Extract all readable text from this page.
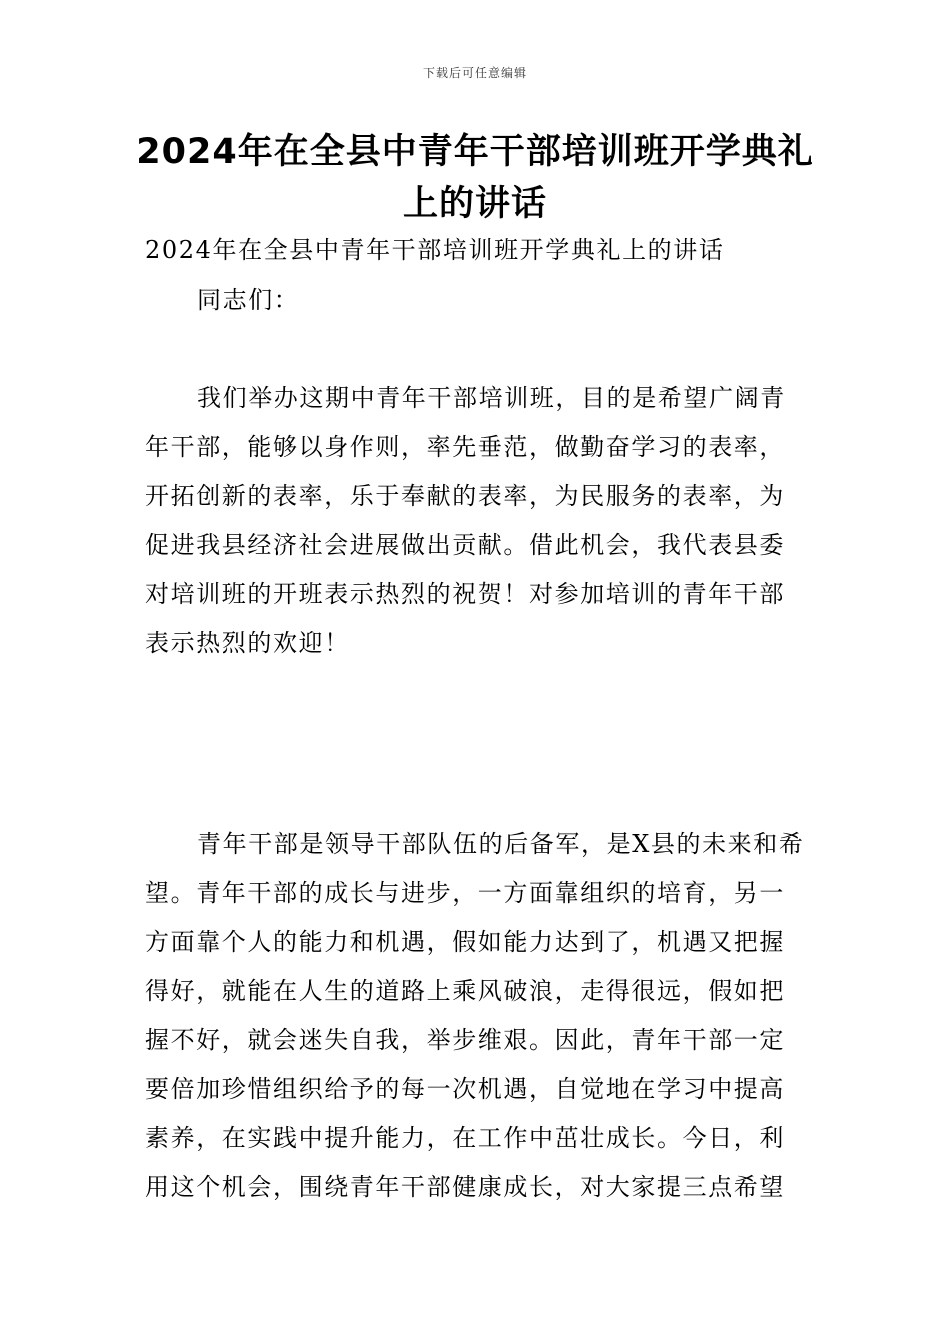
下载后可任意编辑
2024年在全县中青年干部培训班开学典礼
上的讲话
2024年在全县中青年干部培训班开学典礼上的讲话
同志们：
我们举办这期中青年干部培训班，目的是希望广阔青
年干部，能够以身作则，率先垂范，做勤奋学习的表率，
开拓创新的表率，乐于奉献的表率，为民服务的表率，为
促进我县经济社会进展做出贡献。借此机会，我代表县委
对培训班的开班表示热烈的祝贺！对参加培训的青年干部
表示热烈的欢迎！
青年干部是领导干部队伍的后备军，是X县的未来和希
望。青年干部的成长与进步，一方面靠组织的培育，另一
方面靠个人的能力和机遇，假如能力达到了，机遇又把握
得好，就能在人生的道路上乘风破浪，走得很远，假如把
握不好，就会迷失自我，举步维艰。因此，青年干部一定
要倍加珍惜组织给予的每一次机遇，自觉地在学习中提高
素养，在实践中提升能力，在工作中茁壮成长。今日，利
用这个机会，围绕青年干部健康成长，对大家提三点希望
